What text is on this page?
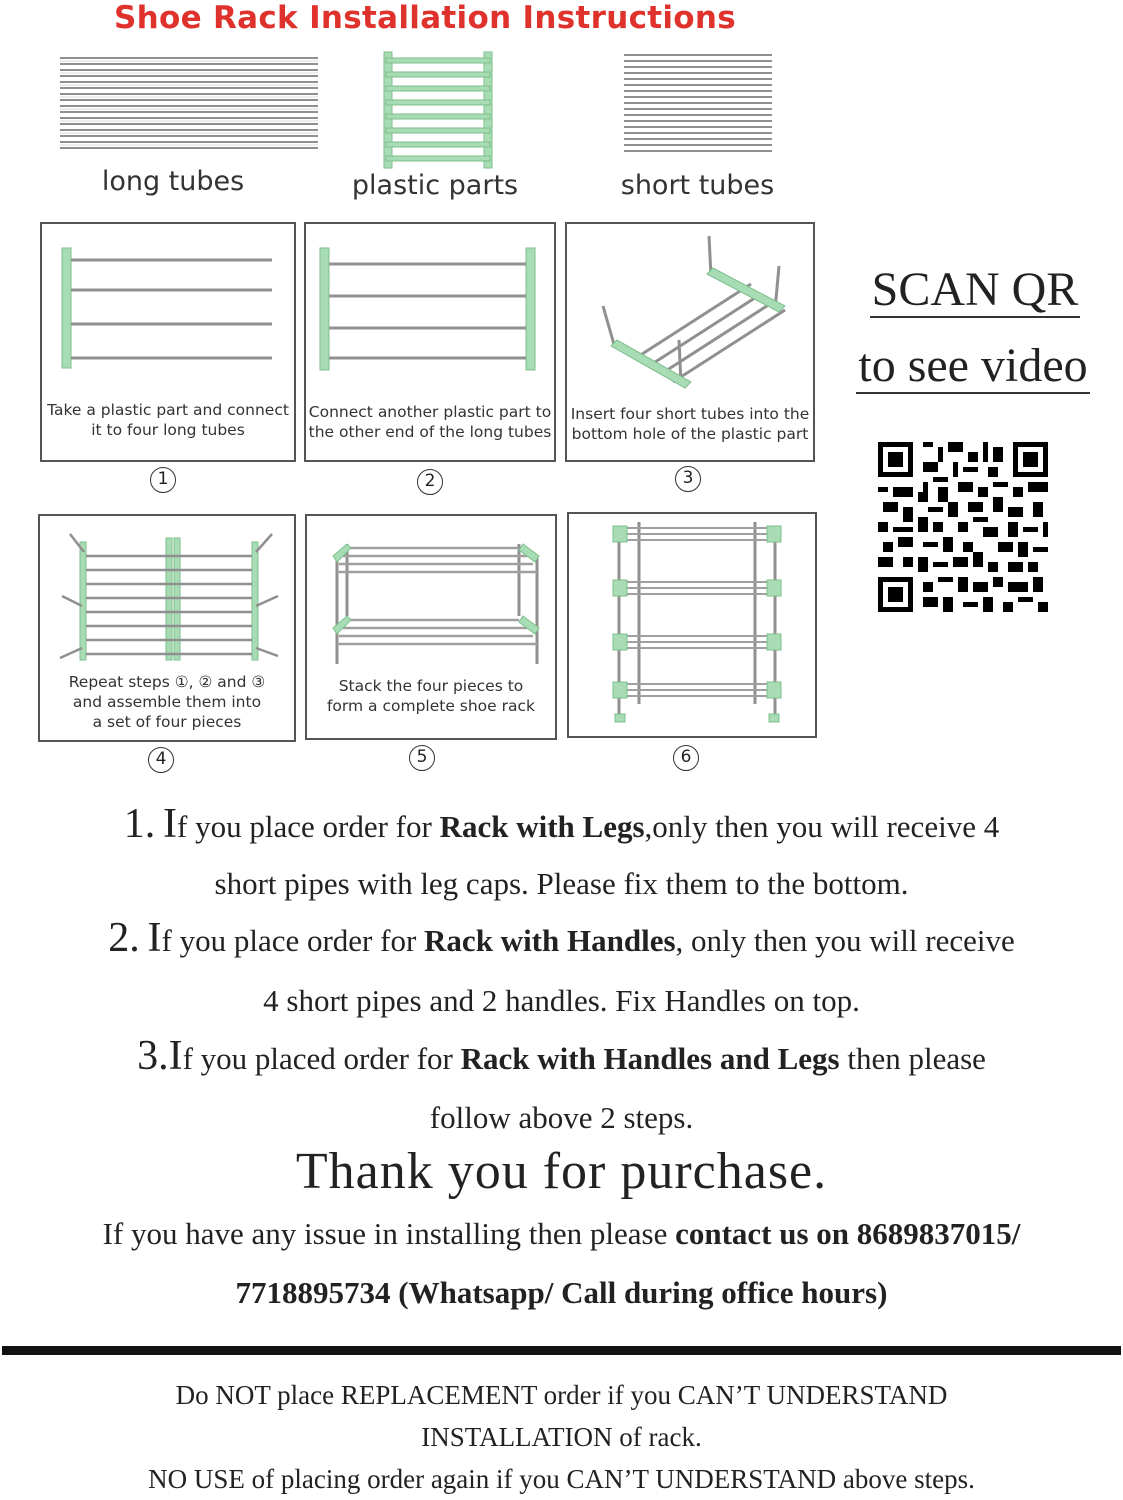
Shoe Rack Installation Instructions
long tubes	plastic parts	short tubes
Take a plastic part and connect
it to four long tubes
1
Connect another plastic part to
the other end of the long tubes
2
Insert four short tubes into the
bottom hole of the plastic part
3
Repeat steps ①, ② and ③
and assemble them into
a set of four pieces
4
Stack the four pieces to
form a complete shoe rack
5	6
SCAN QR
to see video
1. If you place order for Rack with Legs,only then you will receive 4
short pipes with leg caps. Please fix them to the bottom.
2. If you place order for Rack with Handles, only then you will receive
4 short pipes and 2 handles. Fix Handles on top.
3.If you placed order for Rack with Handles and Legs then please
follow above 2 steps.
Thank you for purchase.
If you have any issue in installing then please contact us on 8689837015/
7718895734 (Whatsapp/ Call during office hours)
Do NOT place REPLACEMENT order if you CAN’T UNDERSTAND
INSTALLATION of rack.
NO USE of placing order again if you CAN’T UNDERSTAND above steps.
